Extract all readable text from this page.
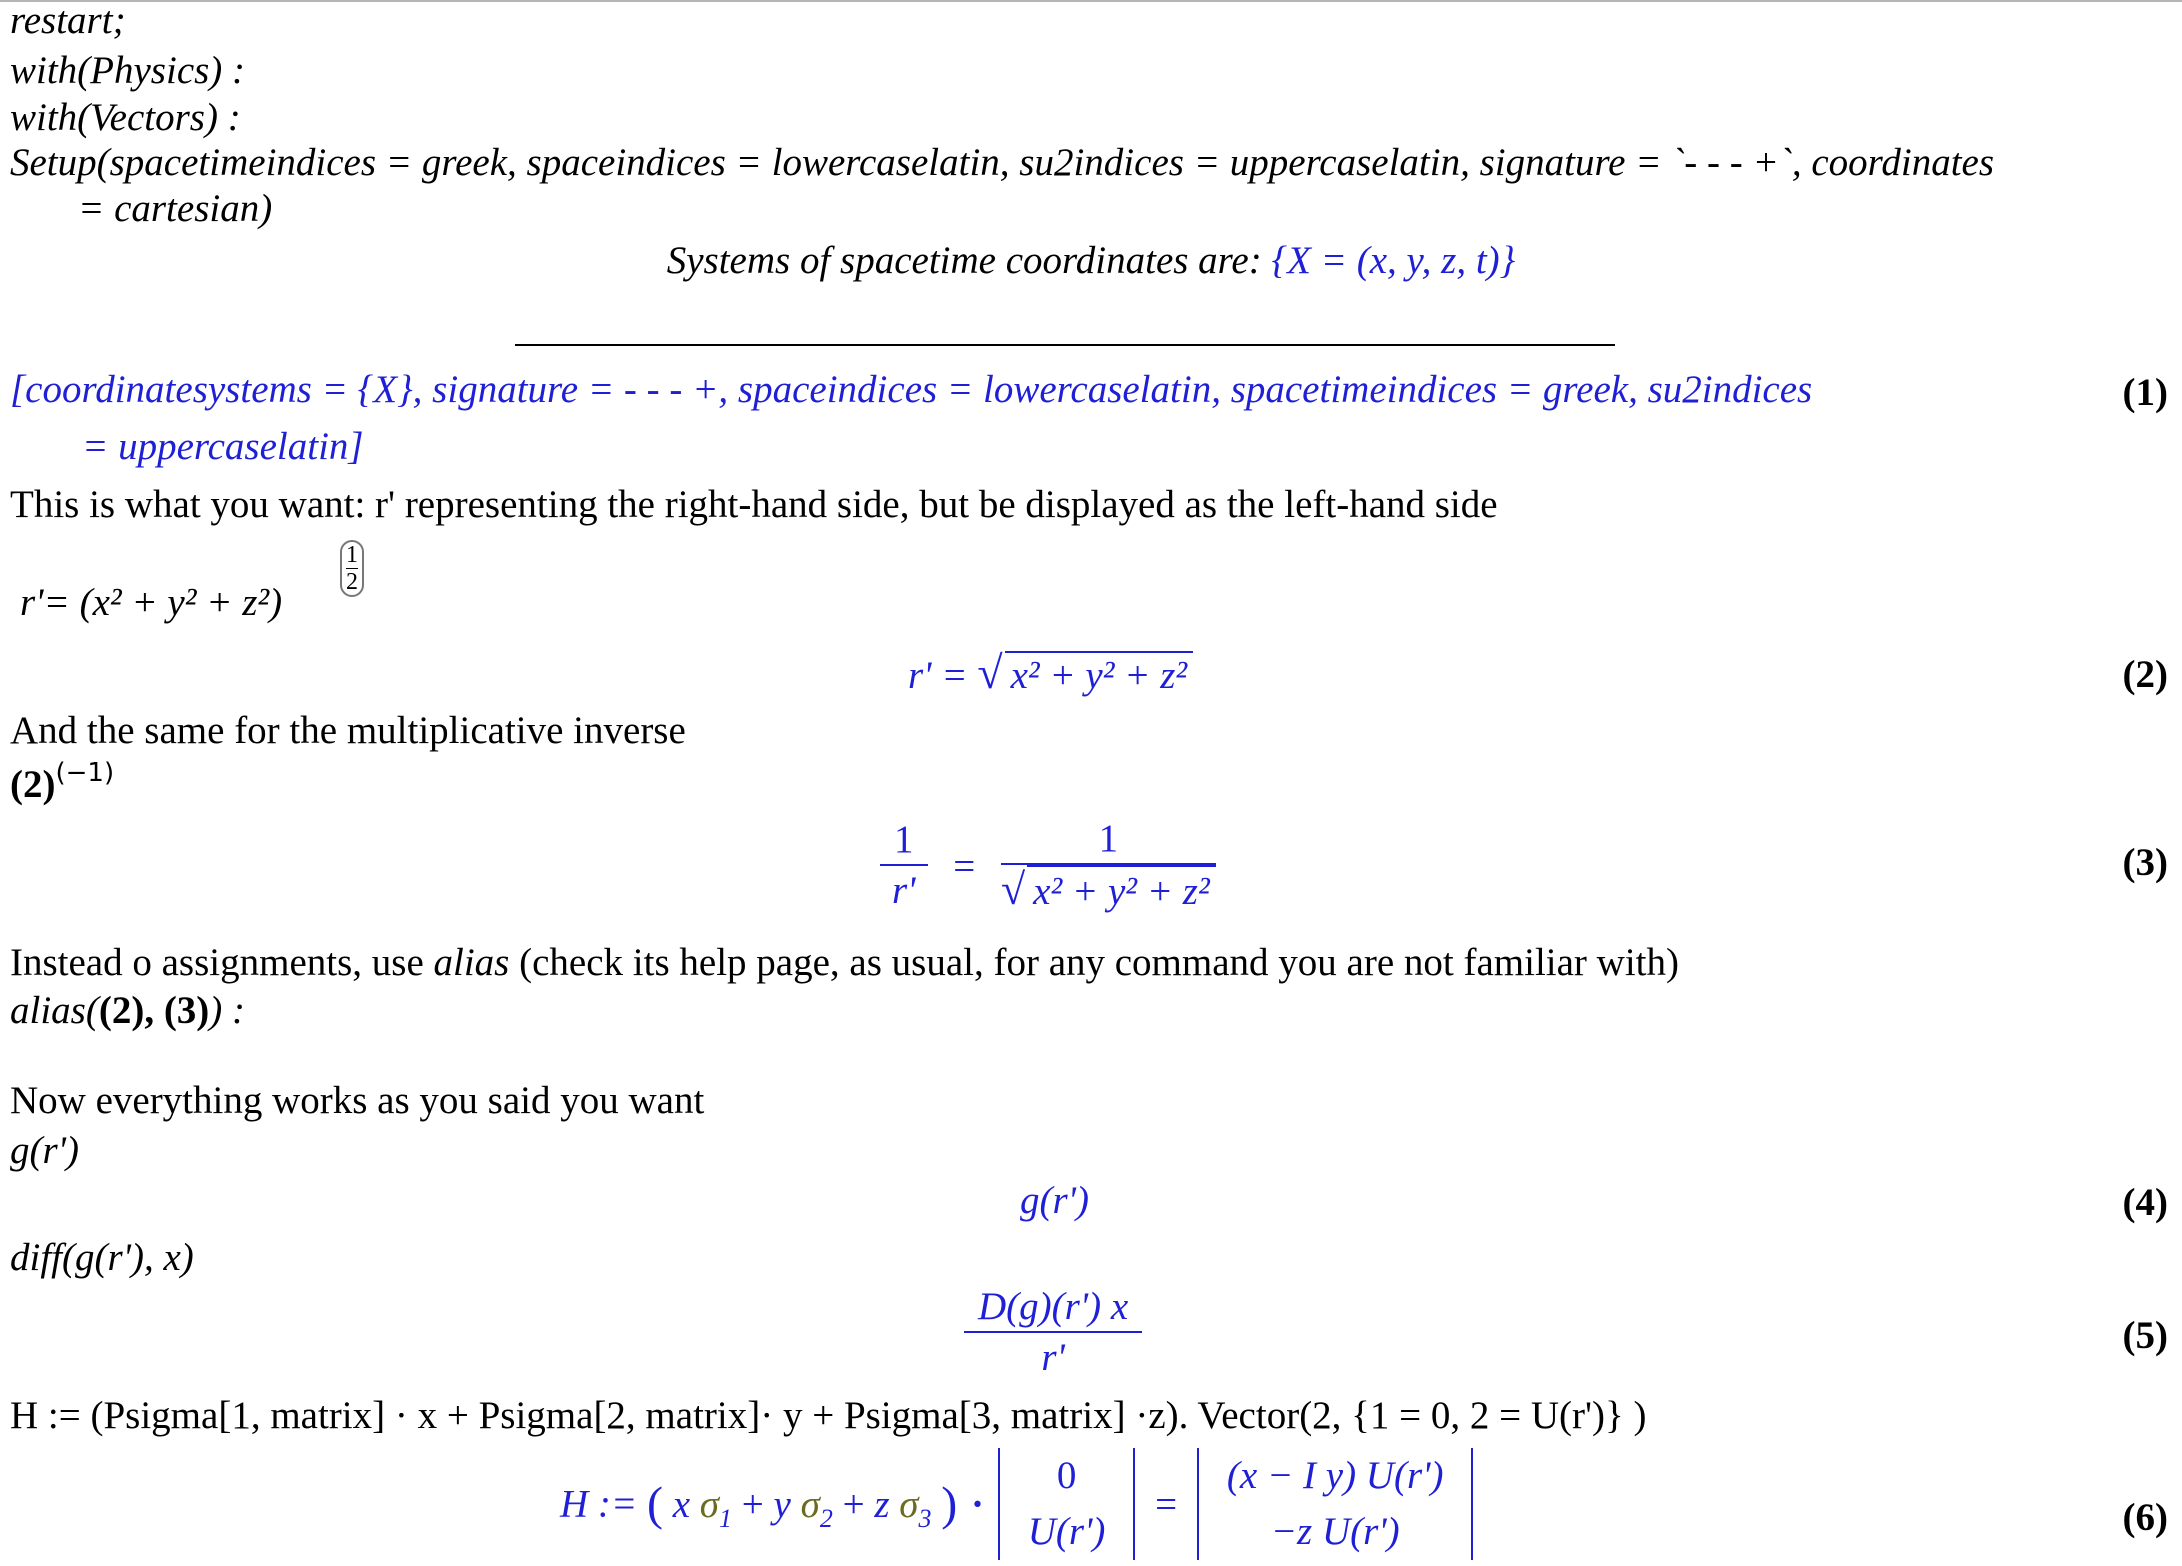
restart;
with(Physics) :
with(Vectors) :
Setup(spacetimeindices = greek, spaceindices = lowercaselatin, su2indices = uppercaselatin, signature = `- - - +`, coordinates
= cartesian)
Systems of spacetime coordinates are: {X = (x, y, z, t)}
[coordinatesystems = {X}, signature = - - - +, spaceindices = lowercaselatin, spacetimeindices = greek, su2indices
= uppercaselatin]
(1)
This is what you want: r' representing the right-hand side, but be displayed as the left-hand side
r'= (x² + y² + z²)
$\frac{1}{2}$
r' = √ x² + y² + z²	(2)
And the same for the multiplicative inverse
$(2)^{(-1)}$
$\frac{1}{r'} = \frac{1}{\text{√ x² + y² + z²}}$	(3)
Instead o assignments, use alias (check its help page, as usual, for any command you are not familiar with)
alias((2), (3)) :
Now everything works as you said you want
g(r')
g(r')	(4)
diff(g(r'), x)
$\frac{D(g)(r') x}{r'}$	(5)
H := (Psigma[1, matrix] · x + Psigma[2, matrix]· y + Psigma[3, matrix] ·z). Vector(2, {1 = 0, 2 = U(r')} )
H := ( x $\sigma_1 + y$ $\sigma_2 + z$ $\sigma_3$ ) ·
0
U(r')
=
(x − I y) U(r')
−z U(r')	(6)
